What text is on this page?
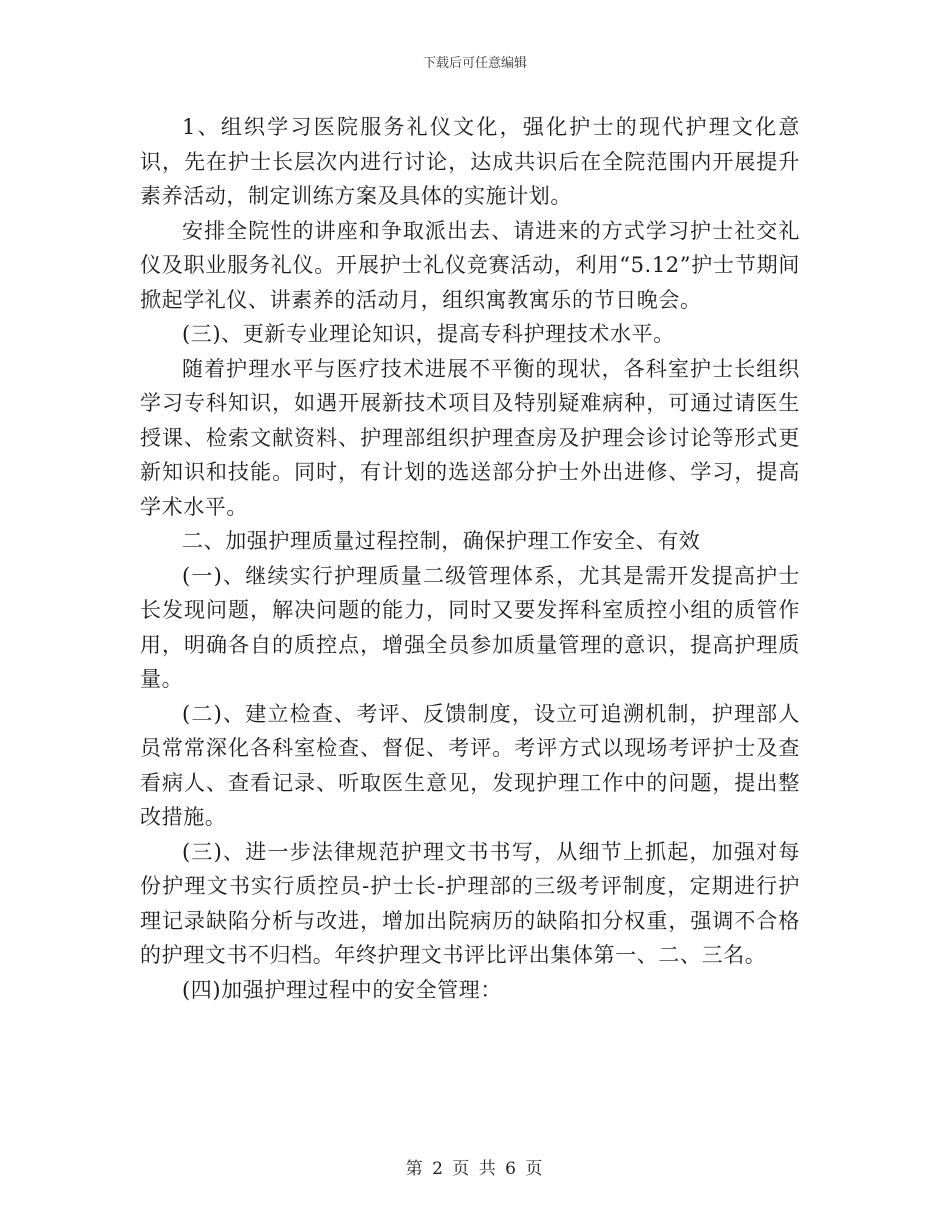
下载后可任意编辑

1、组织学习医院服务礼仪文化，强化护士的现代护理文化意识，先在护士长层次内进行讨论，达成共识后在全院范围内开展提升素养活动，制定训练方案及具体的实施计划。

安排全院性的讲座和争取派出去、请进来的方式学习护士社交礼仪及职业服务礼仪。开展护士礼仪竞赛活动，利用“5.12”护士节期间掀起学礼仪、讲素养的活动月，组织寓教寓乐的节日晚会。

(三)、更新专业理论知识，提高专科护理技术水平。

随着护理水平与医疗技术进展不平衡的现状，各科室护士长组织学习专科知识，如遇开展新技术项目及特别疑难病种，可通过请医生授课、检索文献资料、护理部组织护理查房及护理会诊讨论等形式更新知识和技能。同时，有计划的选送部分护士外出进修、学习，提高学术水平。

二、加强护理质量过程控制，确保护理工作安全、有效

(一)、继续实行护理质量二级管理体系，尤其是需开发提高护士长发现问题，解决问题的能力，同时又要发挥科室质控小组的质管作用，明确各自的质控点，增强全员参加质量管理的意识，提高护理质量。

(二)、建立检查、考评、反馈制度，设立可追溯机制，护理部人员常常深化各科室检查、督促、考评。考评方式以现场考评护士及查看病人、查看记录、听取医生意见，发现护理工作中的问题，提出整改措施。

(三)、进一步法律规范护理文书书写，从细节上抓起，加强对每份护理文书实行质控员-护士长-护理部的三级考评制度，定期进行护理记录缺陷分析与改进，增加出院病历的缺陷扣分权重，强调不合格的护理文书不归档。年终护理文书评比评出集体第一、二、三名。

(四)加强护理过程中的安全管理：

第 2 页 共 6 页
